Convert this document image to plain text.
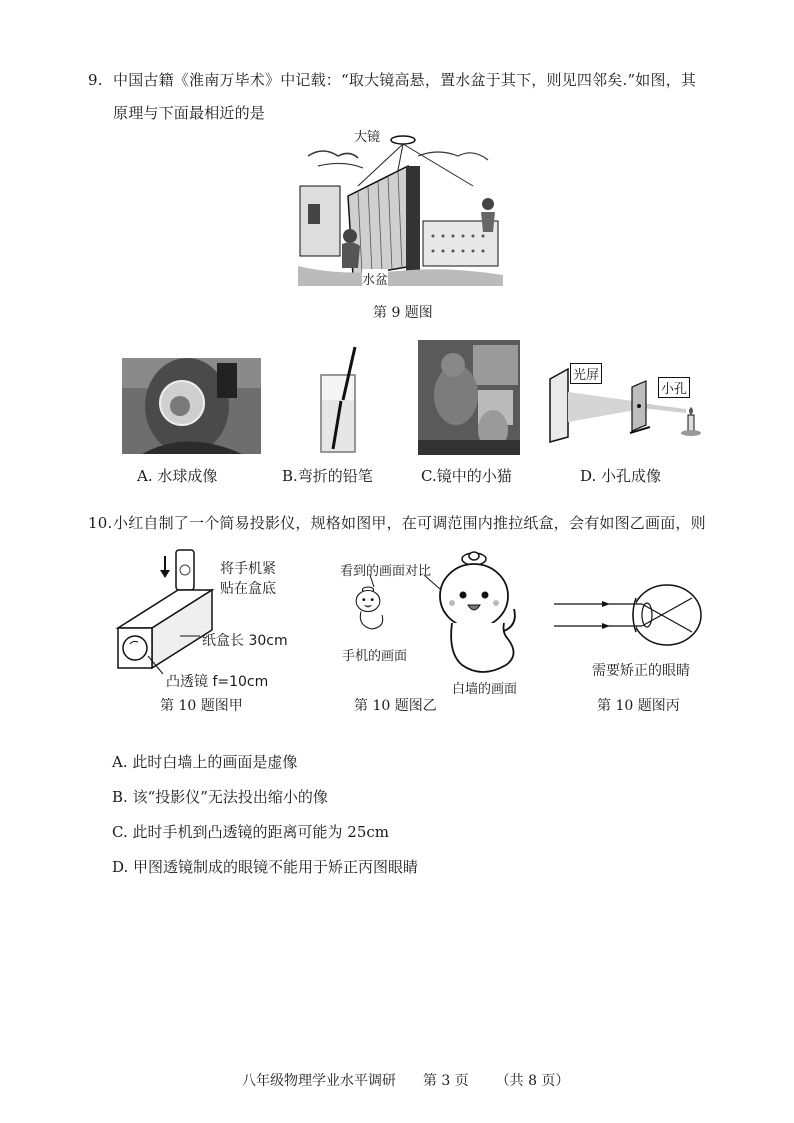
9. 中国古籍《淮南万毕术》中记载：“取大镜高悬，置水盆于其下，则见四邻矣.”如图，其
原理与下面最相近的是
大镜
水盆
第 9 题图
光屏
小孔
A. 水球成像	B.弯折的铅笔	C.镜中的小猫	D. 小孔成像
10. 小红自制了一个简易投影仪，规格如图甲，在可调范围内推拉纸盒，会有如图乙画面，则
将手机紧
贴在盒底
纸盒长 30cm
凸透镜 f=10cm
第 10 题图甲
看到的画面对比
手机的画面
白墙的画面
第 10 题图乙
需要矫正的眼睛
第 10 题图丙
A. 此时白墙上的画面是虚像
B. 该“投影仪”无法投出缩小的像
C. 此时手机到凸透镜的距离可能为 25cm
D. 甲图透镜制成的眼镜不能用于矫正丙图眼睛
八年级物理学业水平调研 第 3 页 （共 8 页）
